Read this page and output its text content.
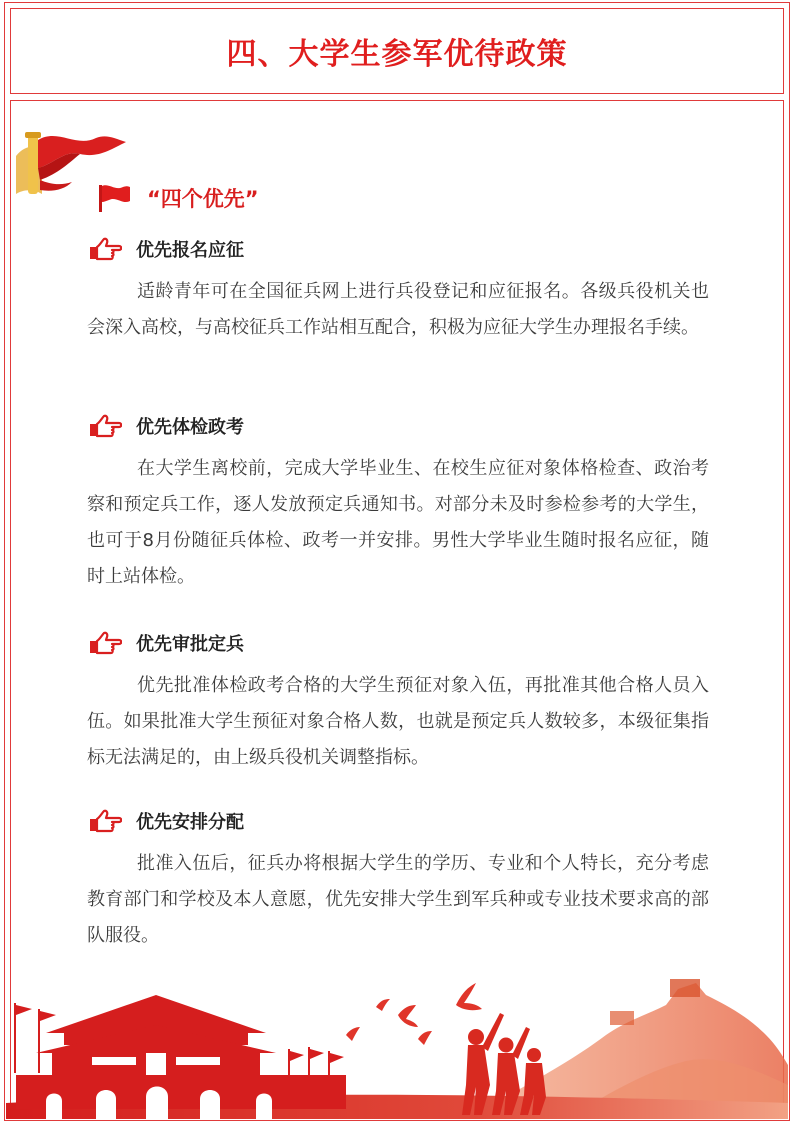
四、大学生参军优待政策
“四个优先”
优先报名应征

适龄青年可在全国征兵网上进行兵役登记和应征报名。各级兵役机关也会深入高校，与高校征兵工作站相互配合，积极为应征大学生办理报名手续。

优先体检政考

在大学生离校前，完成大学毕业生、在校生应征对象体格检查、政治考察和预定兵工作，逐人发放预定兵通知书。对部分未及时参检参考的大学生，也可于8月份随征兵体检、政考一并安排。男性大学毕业生随时报名应征，随时上站体检。

优先审批定兵

优先批准体检政考合格的大学生预征对象入伍，再批准其他合格人员入伍。如果批准大学生预征对象合格人数，也就是预定兵人数较多，本级征集指标无法满足的，由上级兵役机关调整指标。

优先安排分配

批准入伍后，征兵办将根据大学生的学历、专业和个人特长，充分考虑教育部门和学校及本人意愿，优先安排大学生到军兵种或专业技术要求高的部队服役。
